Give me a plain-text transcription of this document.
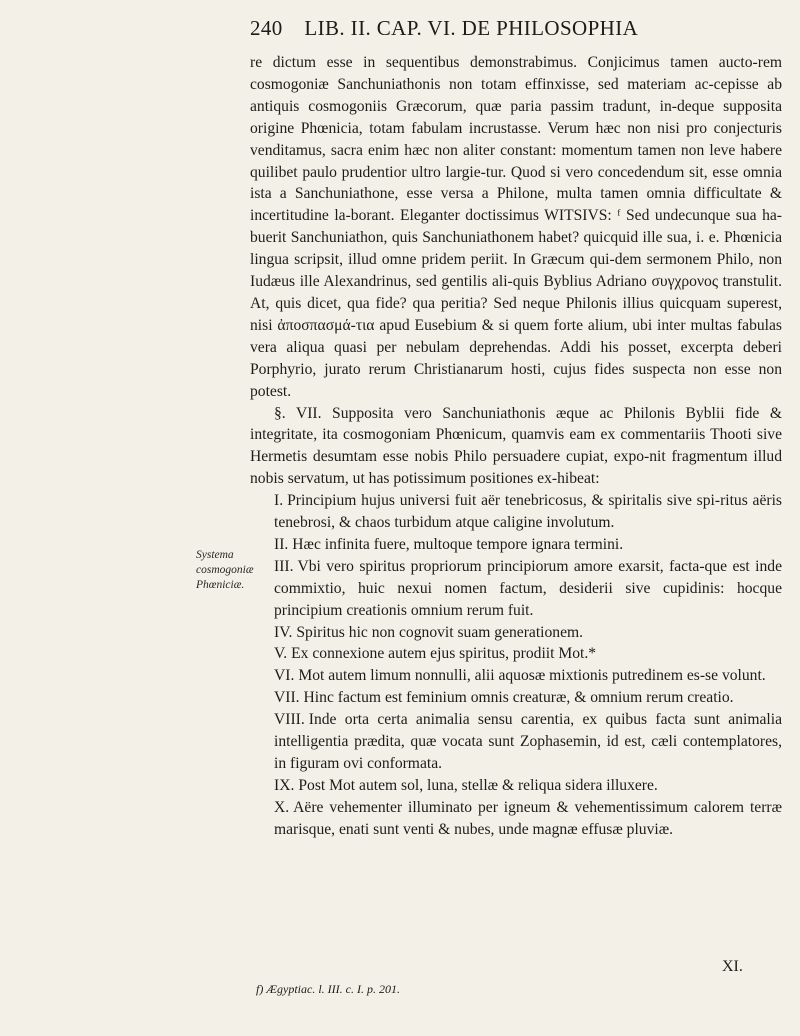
240 LIB. II. CAP. VI. DE PHILOSOPHIA
Systema cosmogoniæ Phœniciæ.

re dictum esse in sequentibus demonstrabimus. Conjicimus tamen aucto-rem cosmogoniæ Sanchuniathonis non totam effinxisse, sed materiam ac-cepisse ab antiquis cosmogoniis Græcorum, quæ paria passim tradunt, in-deque supposita origine Phœnicia, totam fabulam incrustasse. Verum hæc non nisi pro conjecturis venditamus, sacra enim hæc non aliter constant: momentum tamen non leve habere quilibet paulo prudentior ultro largie-tur. Quod si vero concedendum sit, esse omnia ista a Sanchuniathone, esse versa a Philone, multa tamen omnia difficultate & incertitudine la-borant. Eleganter doctissimus WITSIVS: ᶠ Sed undecunque sua ha-buerit Sanchuniathon, quis Sanchuniathonem habet? quicquid ille sua, i. e. Phœnicia lingua scripsit, illud omne pridem periit. In Græcum qui-dem sermonem Philo, non Iudæus ille Alexandrinus, sed gentilis ali-quis Byblius Adriano συγχρονος transtulit. At, quis dicet, qua fide? qua peritia? Sed neque Philonis illius quicquam superest, nisi ἀποσπασμά-τια apud Eusebium & si quem forte alium, ubi inter multas fabulas vera aliqua quasi per nebulam deprehendas. Addi his posset, excerpta deberi Porphyrio, jurato rerum Christianarum hosti, cujus fides suspecta non esse non potest.

§. VII. Supposita vero Sanchuniathonis æque ac Philonis Byblii fide & integritate, ita cosmogoniam Phœnicum, quamvis eam ex commentariis Thooti sive Hermetis desumtam esse nobis Philo persuadere cupiat, expo-nit fragmentum illud nobis servatum, ut has potissimum positiones ex-hibeat:

I. Principium hujus universi fuit aër tenebricosus, & spiritalis sive spi-ritus aëris tenebrosi, & chaos turbidum atque caligine involutum.
II. Hæc infinita fuere, multoque tempore ignara termini.
III. Vbi vero spiritus propriorum principiorum amore exarsit, facta-que est inde commixtio, huic nexui nomen factum, desiderii sive cupidinis: hocque principium creationis omnium rerum fuit.
IV. Spiritus hic non cognovit suam generationem.
V. Ex connexione autem ejus spiritus, prodiit Mot.*
VI. Mot autem limum nonnulli, alii aquosæ mixtionis putredinem es-se volunt.
VII. Hinc factum est feminium omnis creaturæ, & omnium rerum creatio.
VIII. Inde orta certa animalia sensu carentia, ex quibus facta sunt animalia intelligentia prædita, quæ vocata sunt Zophasemin, id est, cæli contemplatores, in figuram ovi conformata.
IX. Post Mot autem sol, luna, stellæ & reliqua sidera illuxere.
X. Aëre vehementer illuminato per igneum & vehementissimum calorem terræ marisque, enati sunt venti & nubes, unde magnæ effusæ pluviæ.
XI.
f) Ægyptiac. l. III. c. I. p. 201.
